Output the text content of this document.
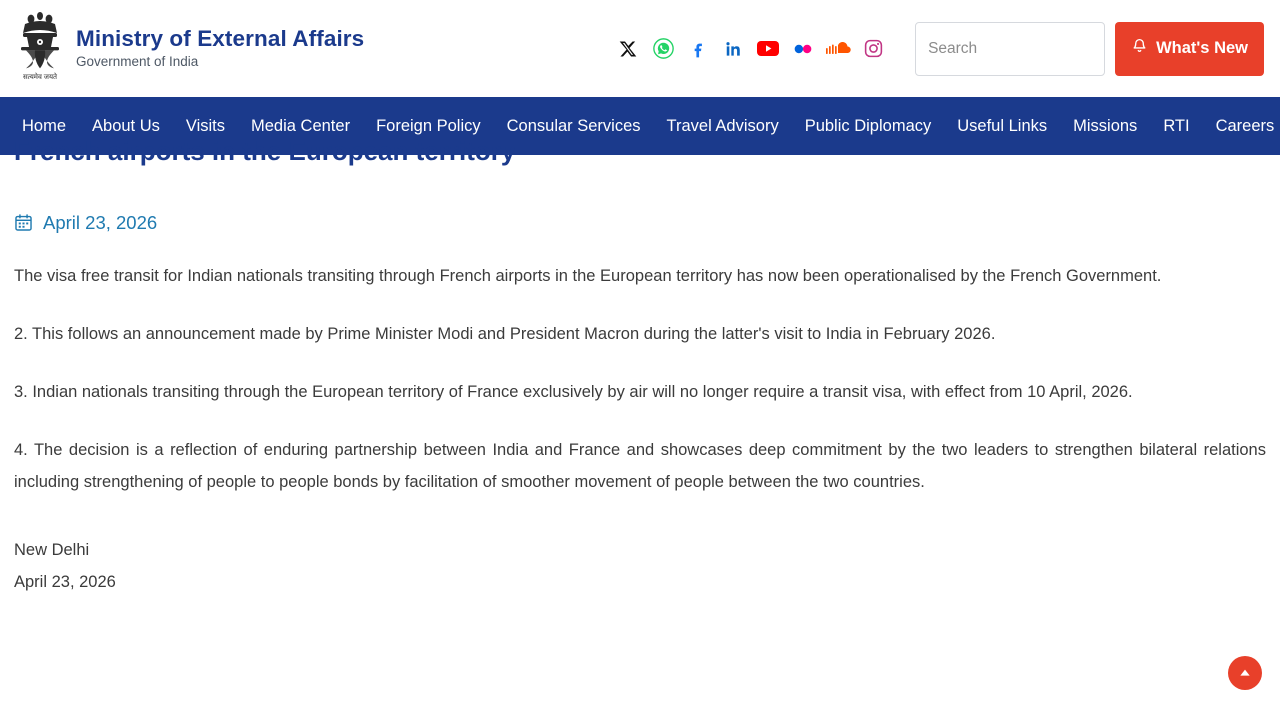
सत्यमेव जयते
Ministry of External Affairs
Government of India
Search
What's New
Home	About Us	Visits	Media Center	Foreign Policy	Consular Services	Travel Advisory	Public Diplomacy	Useful Links	Missions	RTI	Careers
French airports in the European territory
April 23, 2026

The visa free transit for Indian nationals transiting through French airports in the European territory has now been operationalised by the French Government.

2. This follows an announcement made by Prime Minister Modi and President Macron during the latter's visit to India in February 2026.

3. Indian nationals transiting through the European territory of France exclusively by air will no longer require a transit visa, with effect from 10 April, 2026.

4. The decision is a reflection of enduring partnership between India and France and showcases deep commitment by the two leaders to strengthen bilateral relations including strengthening of people to people bonds by facilitation of smoother movement of people between the two countries.

New Delhi
April 23, 2026
